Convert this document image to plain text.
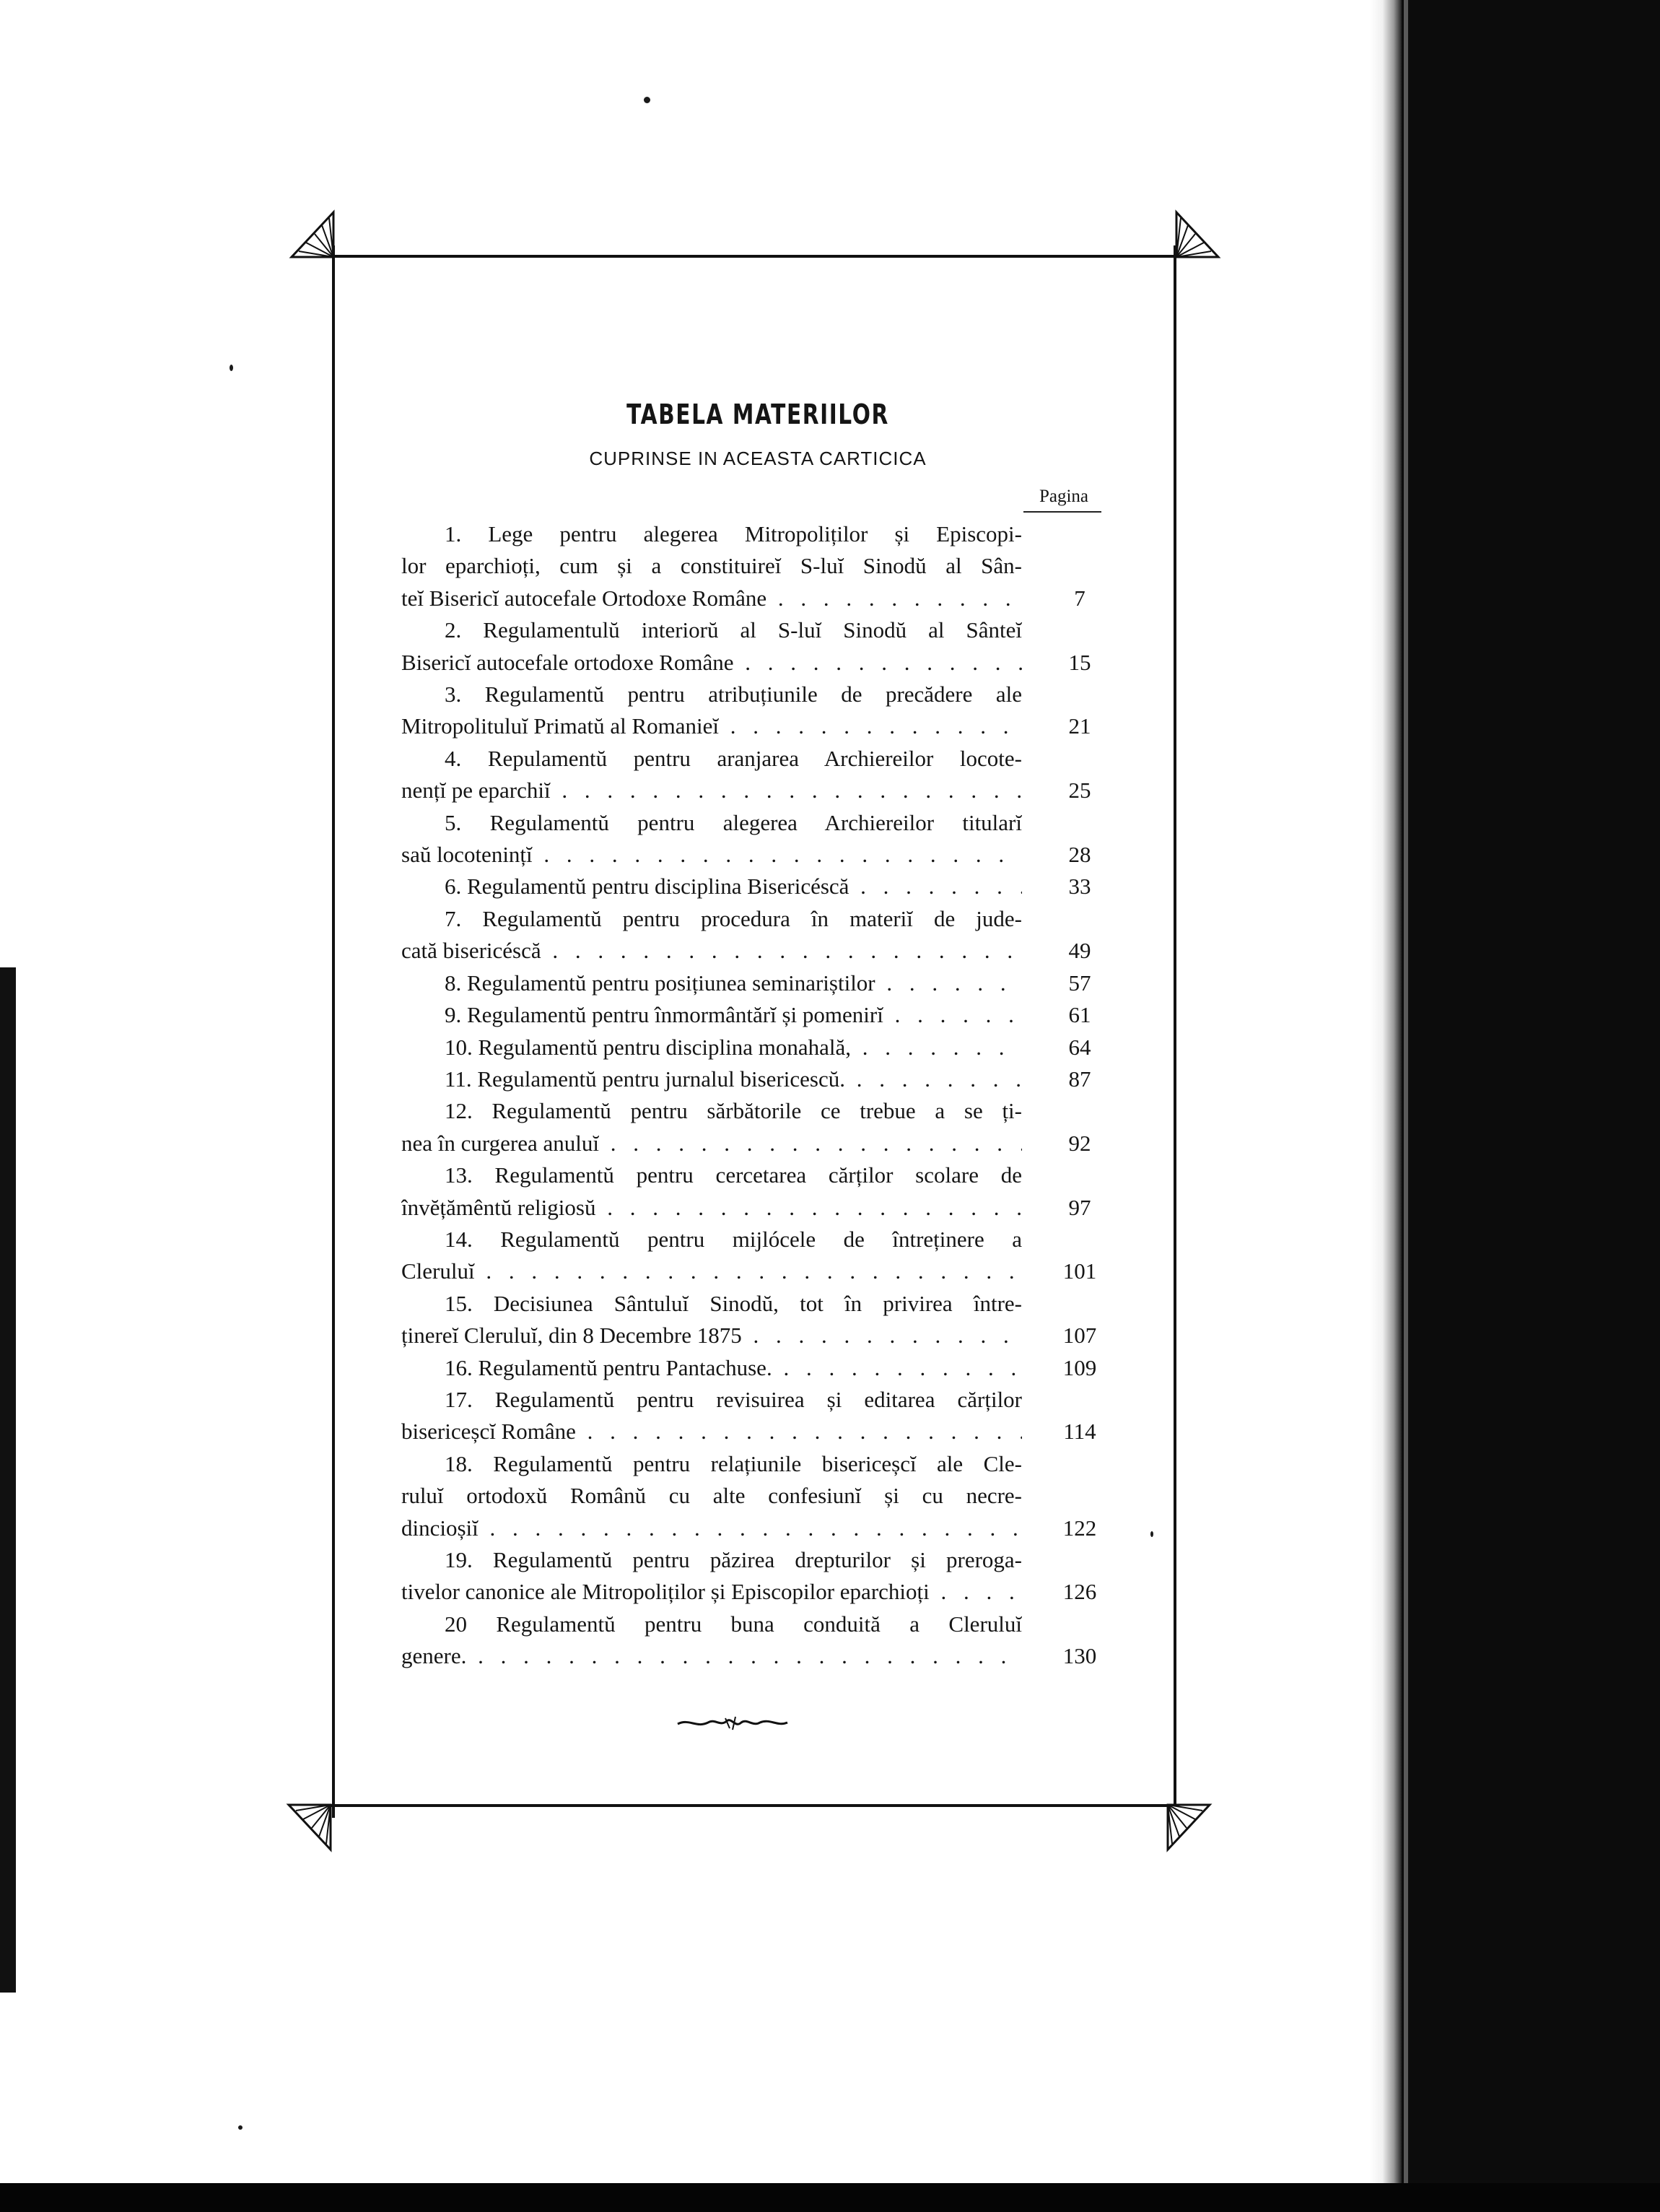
TABELA MATERIILOR
CUPRINSE IN ACEASTA CARTICICA
Pagina
1. Lege pentru alegerea Mitropoliților și Episcopi-
lor eparchioți, cum și a constituireĭ S-luĭ Sinodŭ al Sân-
teĭ Bisericĭ autocefale Ortodoxe Române . . .	7
2. Regulamentulŭ interiorŭ al S-luĭ Sinodŭ al Sânteĭ
Bisericĭ autocefale ortodoxe Române . . .	15
3. Regulamentŭ pentru atribuțiunile de precădere ale
Mitropolituluĭ Primatŭ al Romanieĭ . . .	21
4. Repulamentŭ pentru aranjarea Archiereilor locote-
nențĭ pe eparchiĭ . . .	25
5. Regulamentŭ pentru alegerea Archiereilor titularĭ
saŭ locotenințĭ . . .	28
6. Regulamentŭ pentru disciplina Bisericéscă . . .	33
7. Regulamentŭ pentru procedura în materiĭ de jude-
cată bisericéscă . . .	49
8. Regulamentŭ pentru posițiunea seminariștilor . . .	57
9. Regulamentŭ pentru înmormântărĭ și pomenirĭ . . .	61
10. Regulamentŭ pentru disciplina monahală, . . .	64
11. Regulamentŭ pentru jurnalul bisericescŭ. . . .	87
12. Regulamentŭ pentru sărbătorile ce trebue a se ți-
nea în curgerea anuluĭ . . .	92
13. Regulamentŭ pentru cercetarea cărților scolare de
învĕțămêntŭ religiosŭ . . .	97
14. Regulamentŭ pentru mijlócele de întreținere a
Cleruluĭ . . .	101
15. Decisiunea Sântuluĭ Sinodŭ, tot în privirea între-
ținereĭ Cleruluĭ, din 8 Decembre 1875 . . .	107
16. Regulamentŭ pentru Pantachuse. . . .	109
17. Regulamentŭ pentru revisuirea și editarea cărților
bisericeșcĭ Române . . .	114
18. Regulamentŭ pentru relațiunile bisericeșcĭ ale Cle-
ruluĭ ortodoxŭ Românŭ cu alte confesiunĭ și cu necre-
dincioșiĭ . . .	122
19. Regulamentŭ pentru păzirea drepturilor și preroga-
tivelor canonice ale Mitropoliților și Episcopilor eparchioți . . .	126
20 Regulamentŭ pentru buna conduită a Cleruluĭ
genere. . . .	130
